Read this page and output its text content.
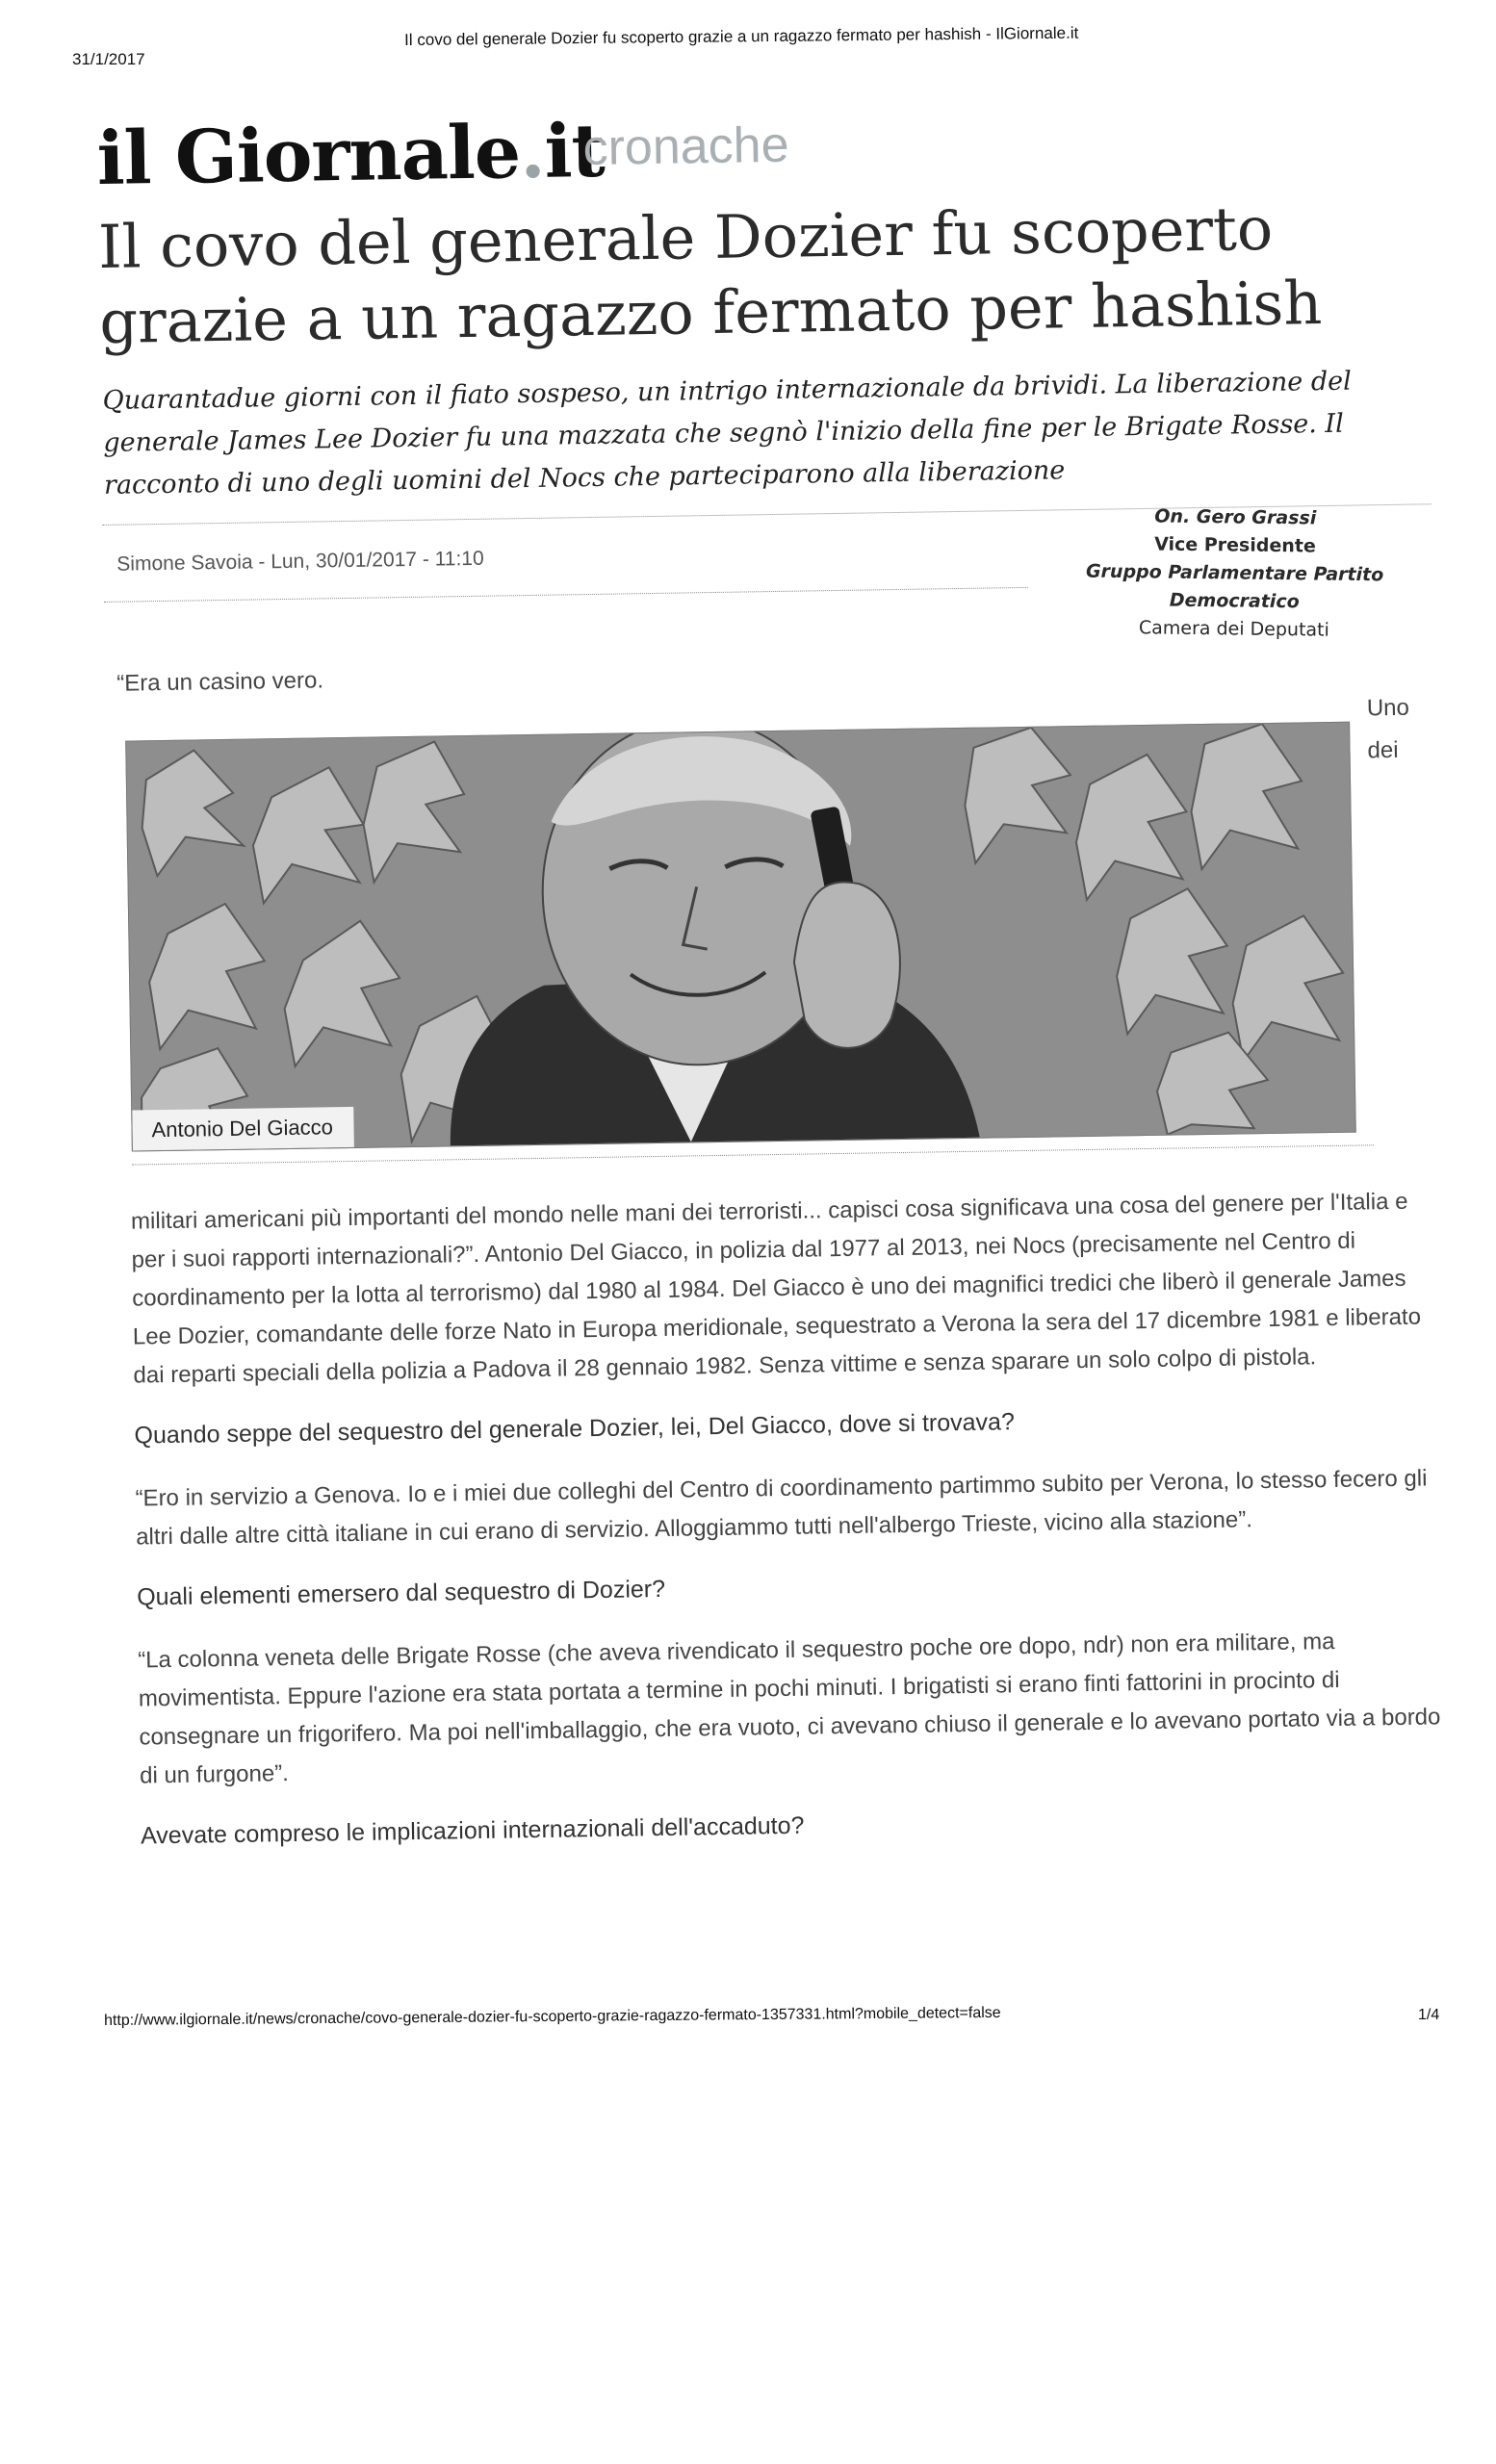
31/1/2017
Il covo del generale Dozier fu scoperto grazie a un ragazzo fermato per hashish - IlGiornale.it
il Giornale.it
cronache
Il covo del generale Dozier fu scoperto grazie a un ragazzo fermato per hashish

Quarantadue giorni con il fiato sospeso, un intrigo internazionale da brividi. La liberazione del generale James Lee Dozier fu una mazzata che segnò l'inizio della fine per le Brigate Rosse. Il racconto di uno degli uomini del Nocs che parteciparono alla liberazione

Simone Savoia - Lun, 30/01/2017 - 11:10
On. Gero Grassi
Vice Presidente
Gruppo Parlamentare Partito Democratico
Camera dei Deputati
“Era un casino vero.
Uno
dei
Antonio Del Giacco

militari americani più importanti del mondo nelle mani dei terroristi... capisci cosa significava una cosa del genere per l'Italia e per i suoi rapporti internazionali?”. Antonio Del Giacco, in polizia dal 1977 al 2013, nei Nocs (precisamente nel Centro di coordinamento per la lotta al terrorismo) dal 1980 al 1984. Del Giacco è uno dei magnifici tredici che liberò il generale James Lee Dozier, comandante delle forze Nato in Europa meridionale, sequestrato a Verona la sera del 17 dicembre 1981 e liberato dai reparti speciali della polizia a Padova il 28 gennaio 1982. Senza vittime e senza sparare un solo colpo di pistola.

Quando seppe del sequestro del generale Dozier, lei, Del Giacco, dove si trovava?

“Ero in servizio a Genova. Io e i miei due colleghi del Centro di coordinamento partimmo subito per Verona, lo stesso fecero gli altri dalle altre città italiane in cui erano di servizio. Alloggiammo tutti nell'albergo Trieste, vicino alla stazione”.

Quali elementi emersero dal sequestro di Dozier?

“La colonna veneta delle Brigate Rosse (che aveva rivendicato il sequestro poche ore dopo, ndr) non era militare, ma movimentista. Eppure l'azione era stata portata a termine in pochi minuti. I brigatisti si erano finti fattorini in procinto di consegnare un frigorifero. Ma poi nell'imballaggio, che era vuoto, ci avevano chiuso il generale e lo avevano portato via a bordo di un furgone”.

Avevate compreso le implicazioni internazionali dell'accaduto?
http://www.ilgiornale.it/news/cronache/covo-generale-dozier-fu-scoperto-grazie-ragazzo-fermato-1357331.html?mobile_detect=false	1/4
